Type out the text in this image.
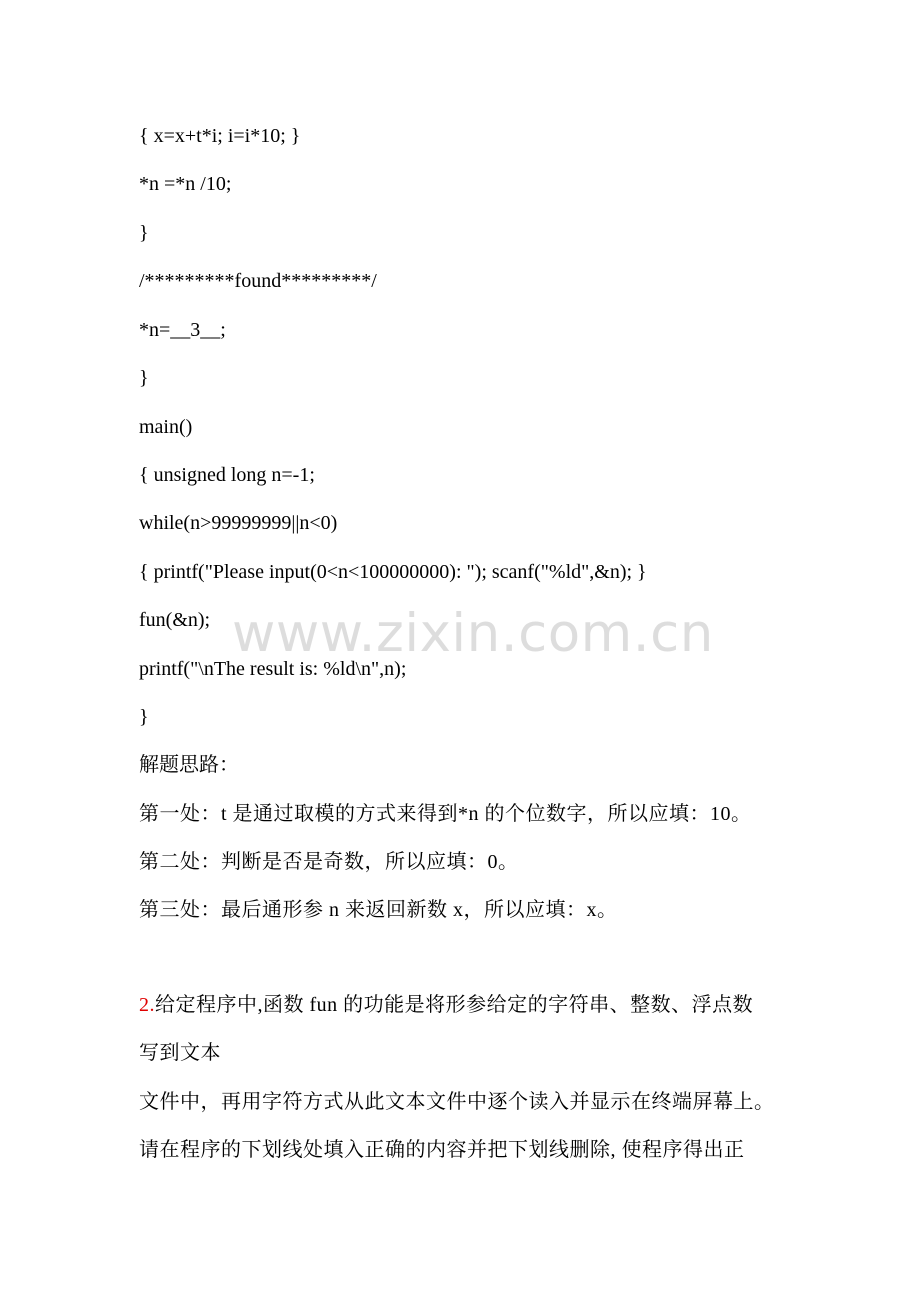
{ x=x+t*i; i=i*10; }
*n =*n /10;
}
/*********found*********/
*n=__3__;
}
main()
{ unsigned long n=-1;
while(n>99999999||n<0)
{ printf("Please input(0<n<100000000): "); scanf("%ld",&n); }
fun(&n);
printf("\nThe result is: %ld\n",n);
}
解题思路：
第一处：t 是通过取模的方式来得到*n 的个位数字，所以应填：10。
第二处：判断是否是奇数，所以应填：0。
第三处：最后通形参 n 来返回新数 x，所以应填：x。
2.给定程序中,函数 fun 的功能是将形参给定的字符串、整数、浮点数
写到文本
文件中，再用字符方式从此文本文件中逐个读入并显示在终端屏幕上。
请在程序的下划线处填入正确的内容并把下划线删除, 使程序得出正
www.zixin.com.cn
